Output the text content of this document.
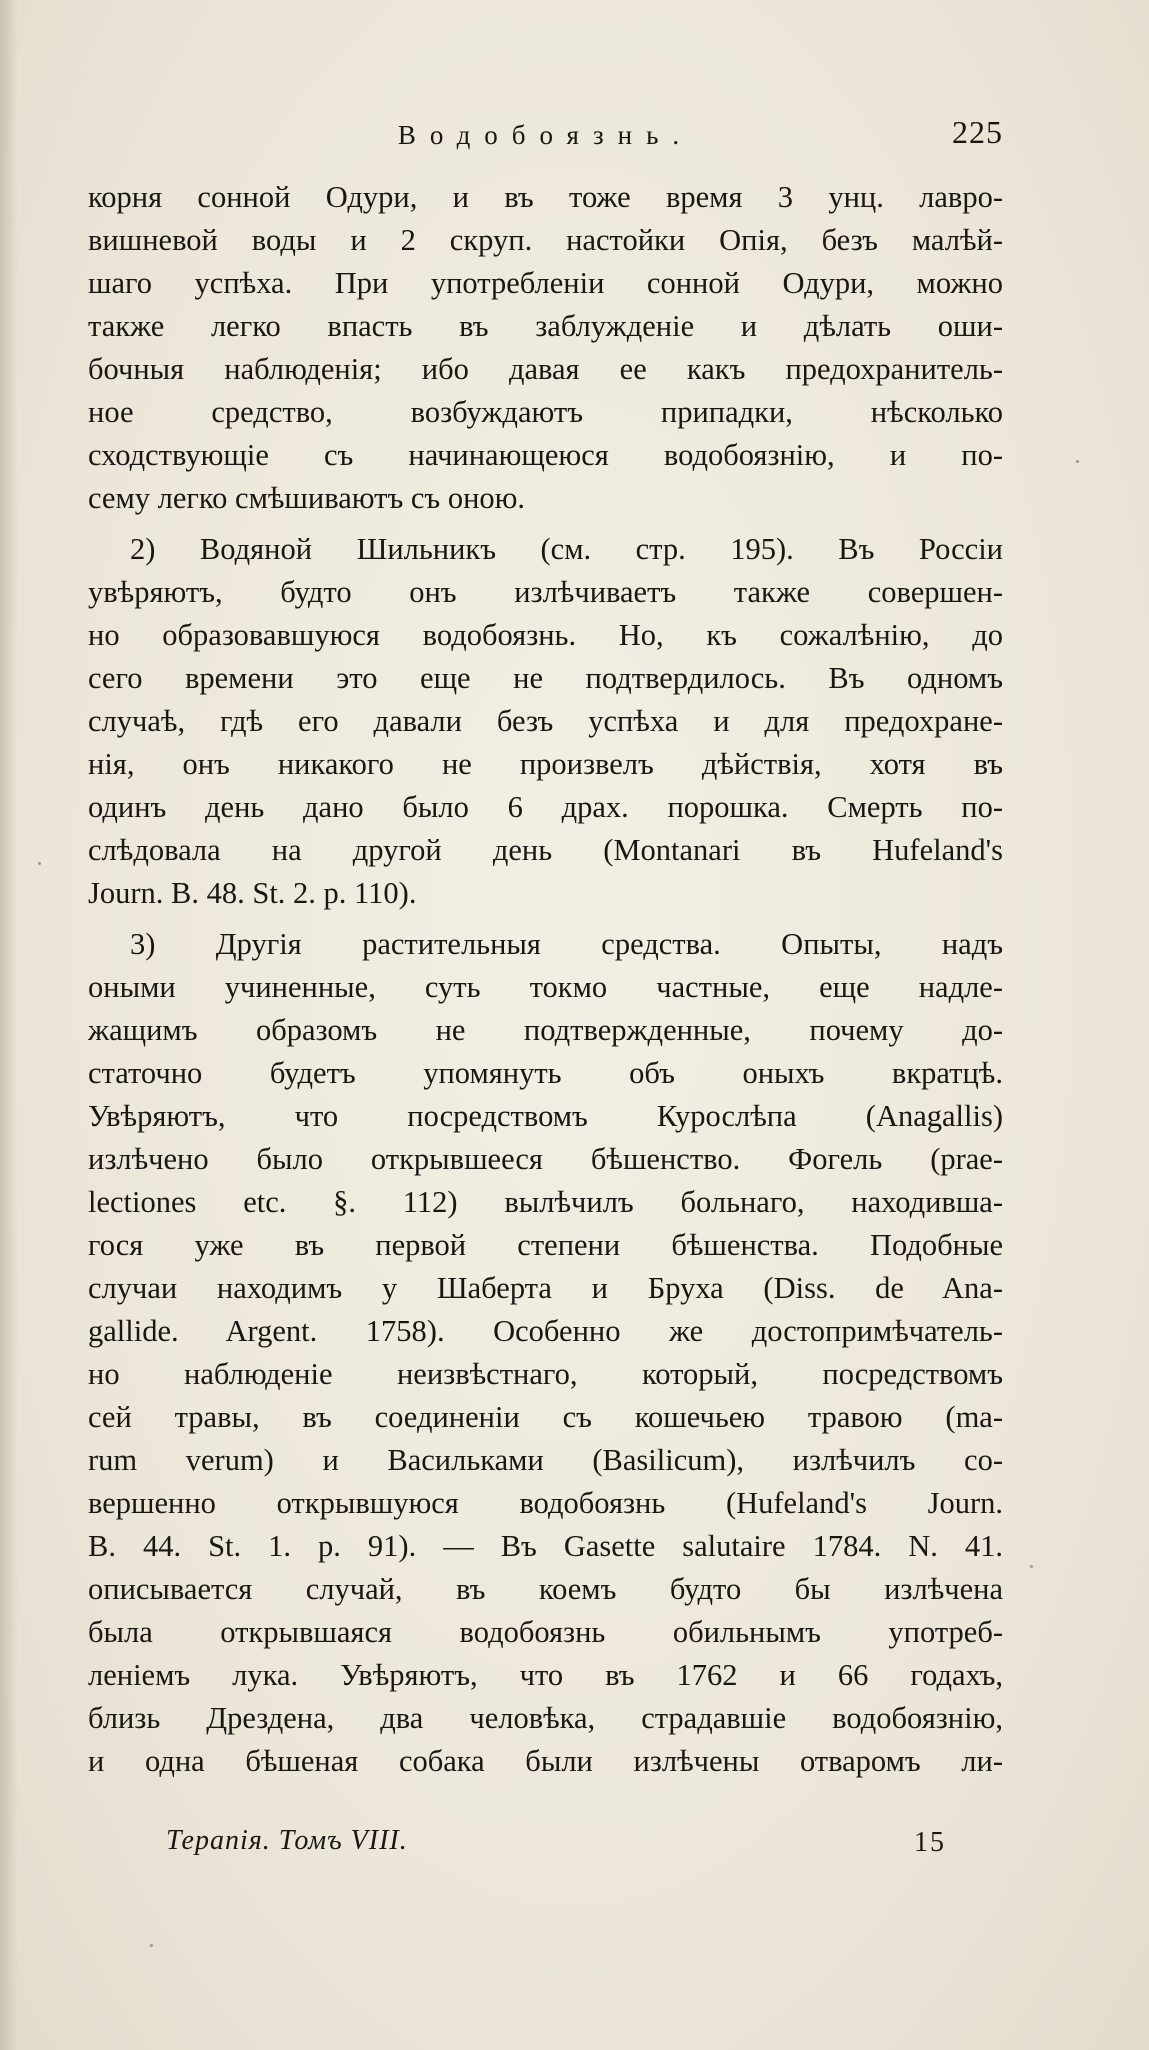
Водобоязнь.	225
корня сонной Одури, и въ тоже время 3 унц. лавро-
вишневой воды и 2 скруп. настойки Опія, безъ малѣй-
шаго успѣха. При употребленіи сонной Одури, можно
также легко впасть въ заблужденіе и дѣлать оши-
бочныя наблюденія; ибо давая ее какъ предохранитель-
ное средство, возбуждаютъ припадки, нѣсколько
сходствующіе съ начинающеюся водобоязнію, и по-
сему легко смѣшиваютъ съ оною.
2) Водяной Шильникъ (см. стр. 195). Въ Россіи
увѣряютъ, будто онъ излѣчиваетъ также совершен-
но образовавшуюся водобоязнь. Но, къ сожалѣнію, до
сего времени это еще не подтвердилось. Въ одномъ
случаѣ, гдѣ его давали безъ успѣха и для предохране-
нія, онъ никакого не произвелъ дѣйствія, хотя въ
одинъ день дано было 6 драх. порошка. Смерть по-
слѣдовала на другой день (Montanari въ Hufeland's
Journ. B. 48. St. 2. p. 110).
3) Другія растительныя средства. Опыты, надъ
оными учиненные, суть токмо частные, еще надле-
жащимъ образомъ не подтвержденные, почему до-
статочно будетъ упомянуть объ оныхъ вкратцѣ.
Увѣряютъ, что посредствомъ Курослѣпа (Anagallis)
излѣчено было открывшееся бѣшенство. Фогель (prae-
lectiones etc. §. 112) вылѣчилъ больнаго, находивша-
гося уже въ первой степени бѣшенства. Подобные
случаи находимъ у Шаберта и Бруха (Diss. de Ana-
gallide. Argent. 1758). Особенно же достопримѣчатель-
но наблюденіе неизвѣстнаго, который, посредствомъ
сей травы, въ соединеніи съ кошечьею травою (ma-
rum verum) и Васильками (Basilicum), излѣчилъ со-
вершенно открывшуюся водобоязнь (Hufeland's Journ.
B. 44. St. 1. p. 91). — Въ Gasette salutaire 1784. N. 41.
описывается случай, въ коемъ будто бы излѣчена
была открывшаяся водобоязнь обильнымъ употреб-
леніемъ лука. Увѣряютъ, что въ 1762 и 66 годахъ,
близь Дрездена, два человѣка, страдавшіе водобоязнію,
и одна бѣшеная собака были излѣчены отваромъ ли-
Терапія. Томъ VIII.	15
